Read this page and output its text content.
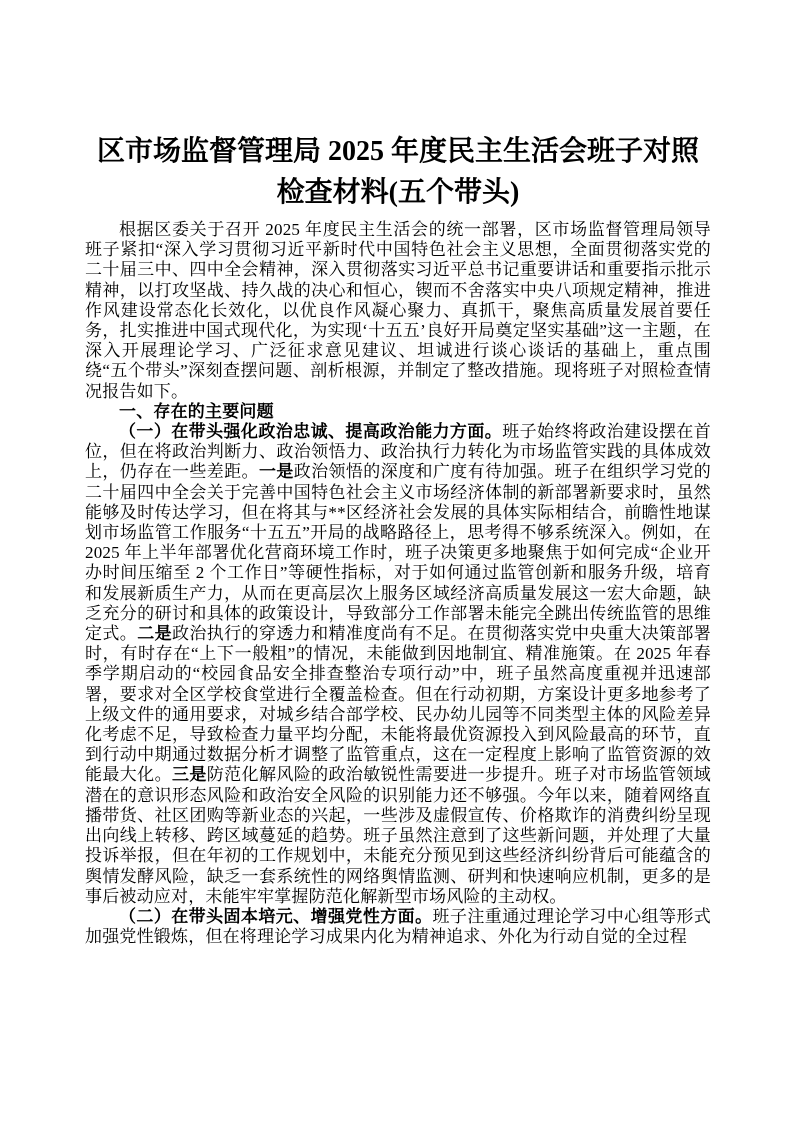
区市场监督管理局 2025 年度民主生活会班子对照检查材料(五个带头)

根据区委关于召开 2025 年度民主生活会的统一部署，区市场监督管理局领导班子紧扣“深入学习贯彻习近平新时代中国特色社会主义思想，全面贯彻落实党的二十届三中、四中全会精神，深入贯彻落实习近平总书记重要讲话和重要指示批示精神，以打攻坚战、持久战的决心和恒心，锲而不舍落实中央八项规定精神，推进作风建设常态化长效化，以优良作风凝心聚力、真抓干，聚焦高质量发展首要任务，扎实推进中国式现代化，为实现‘十五五’良好开局奠定坚实基础”这一主题，在深入开展理论学习、广泛征求意见建议、坦诚进行谈心谈话的基础上，重点围绕“五个带头”深刻查摆问题、剖析根源，并制定了整改措施。现将班子对照检查情况报告如下。

一、存在的主要问题

（一）在带头强化政治忠诚、提高政治能力方面。班子始终将政治建设摆在首位，但在将政治判断力、政治领悟力、政治执行力转化为市场监管实践的具体成效上，仍存在一些差距。一是政治领悟的深度和广度有待加强。班子在组织学习党的二十届四中全会关于完善中国特色社会主义市场经济体制的新部署新要求时，虽然能够及时传达学习，但在将其与**区经济社会发展的具体实际相结合，前瞻性地谋划市场监管工作服务“十五五”开局的战略路径上，思考得不够系统深入。例如，在 2025 年上半年部署优化营商环境工作时，班子决策更多地聚焦于如何完成“企业开办时间压缩至 2 个工作日”等硬性指标，对于如何通过监管创新和服务升级，培育和发展新质生产力，从而在更高层次上服务区域经济高质量发展这一宏大命题，缺乏充分的研讨和具体的政策设计，导致部分工作部署未能完全跳出传统监管的思维定式。二是政治执行的穿透力和精准度尚有不足。在贯彻落实党中央重大决策部署时，有时存在“上下一般粗”的情况，未能做到因地制宜、精准施策。在 2025 年春季学期启动的“校园食品安全排查整治专项行动”中，班子虽然高度重视并迅速部署，要求对全区学校食堂进行全覆盖检查。但在行动初期，方案设计更多地参考了上级文件的通用要求，对城乡结合部学校、民办幼儿园等不同类型主体的风险差异化考虑不足，导致检查力量平均分配，未能将最优资源投入到风险最高的环节，直到行动中期通过数据分析才调整了监管重点，这在一定程度上影响了监管资源的效能最大化。三是防范化解风险的政治敏锐性需要进一步提升。班子对市场监管领域潜在的意识形态风险和政治安全风险的识别能力还不够强。今年以来，随着网络直播带货、社区团购等新业态的兴起，一些涉及虚假宣传、价格欺诈的消费纠纷呈现出向线上转移、跨区域蔓延的趋势。班子虽然注意到了这些新问题，并处理了大量投诉举报，但在年初的工作规划中，未能充分预见到这些经济纠纷背后可能蕴含的舆情发酵风险，缺乏一套系统性的网络舆情监测、研判和快速响应机制，更多的是事后被动应对，未能牢牢掌握防范化解新型市场风险的主动权。

（二）在带头固本培元、增强党性方面。班子注重通过理论学习中心组等形式加强党性锻炼，但在将理论学习成果内化为精神追求、外化为行动自觉的全过程
